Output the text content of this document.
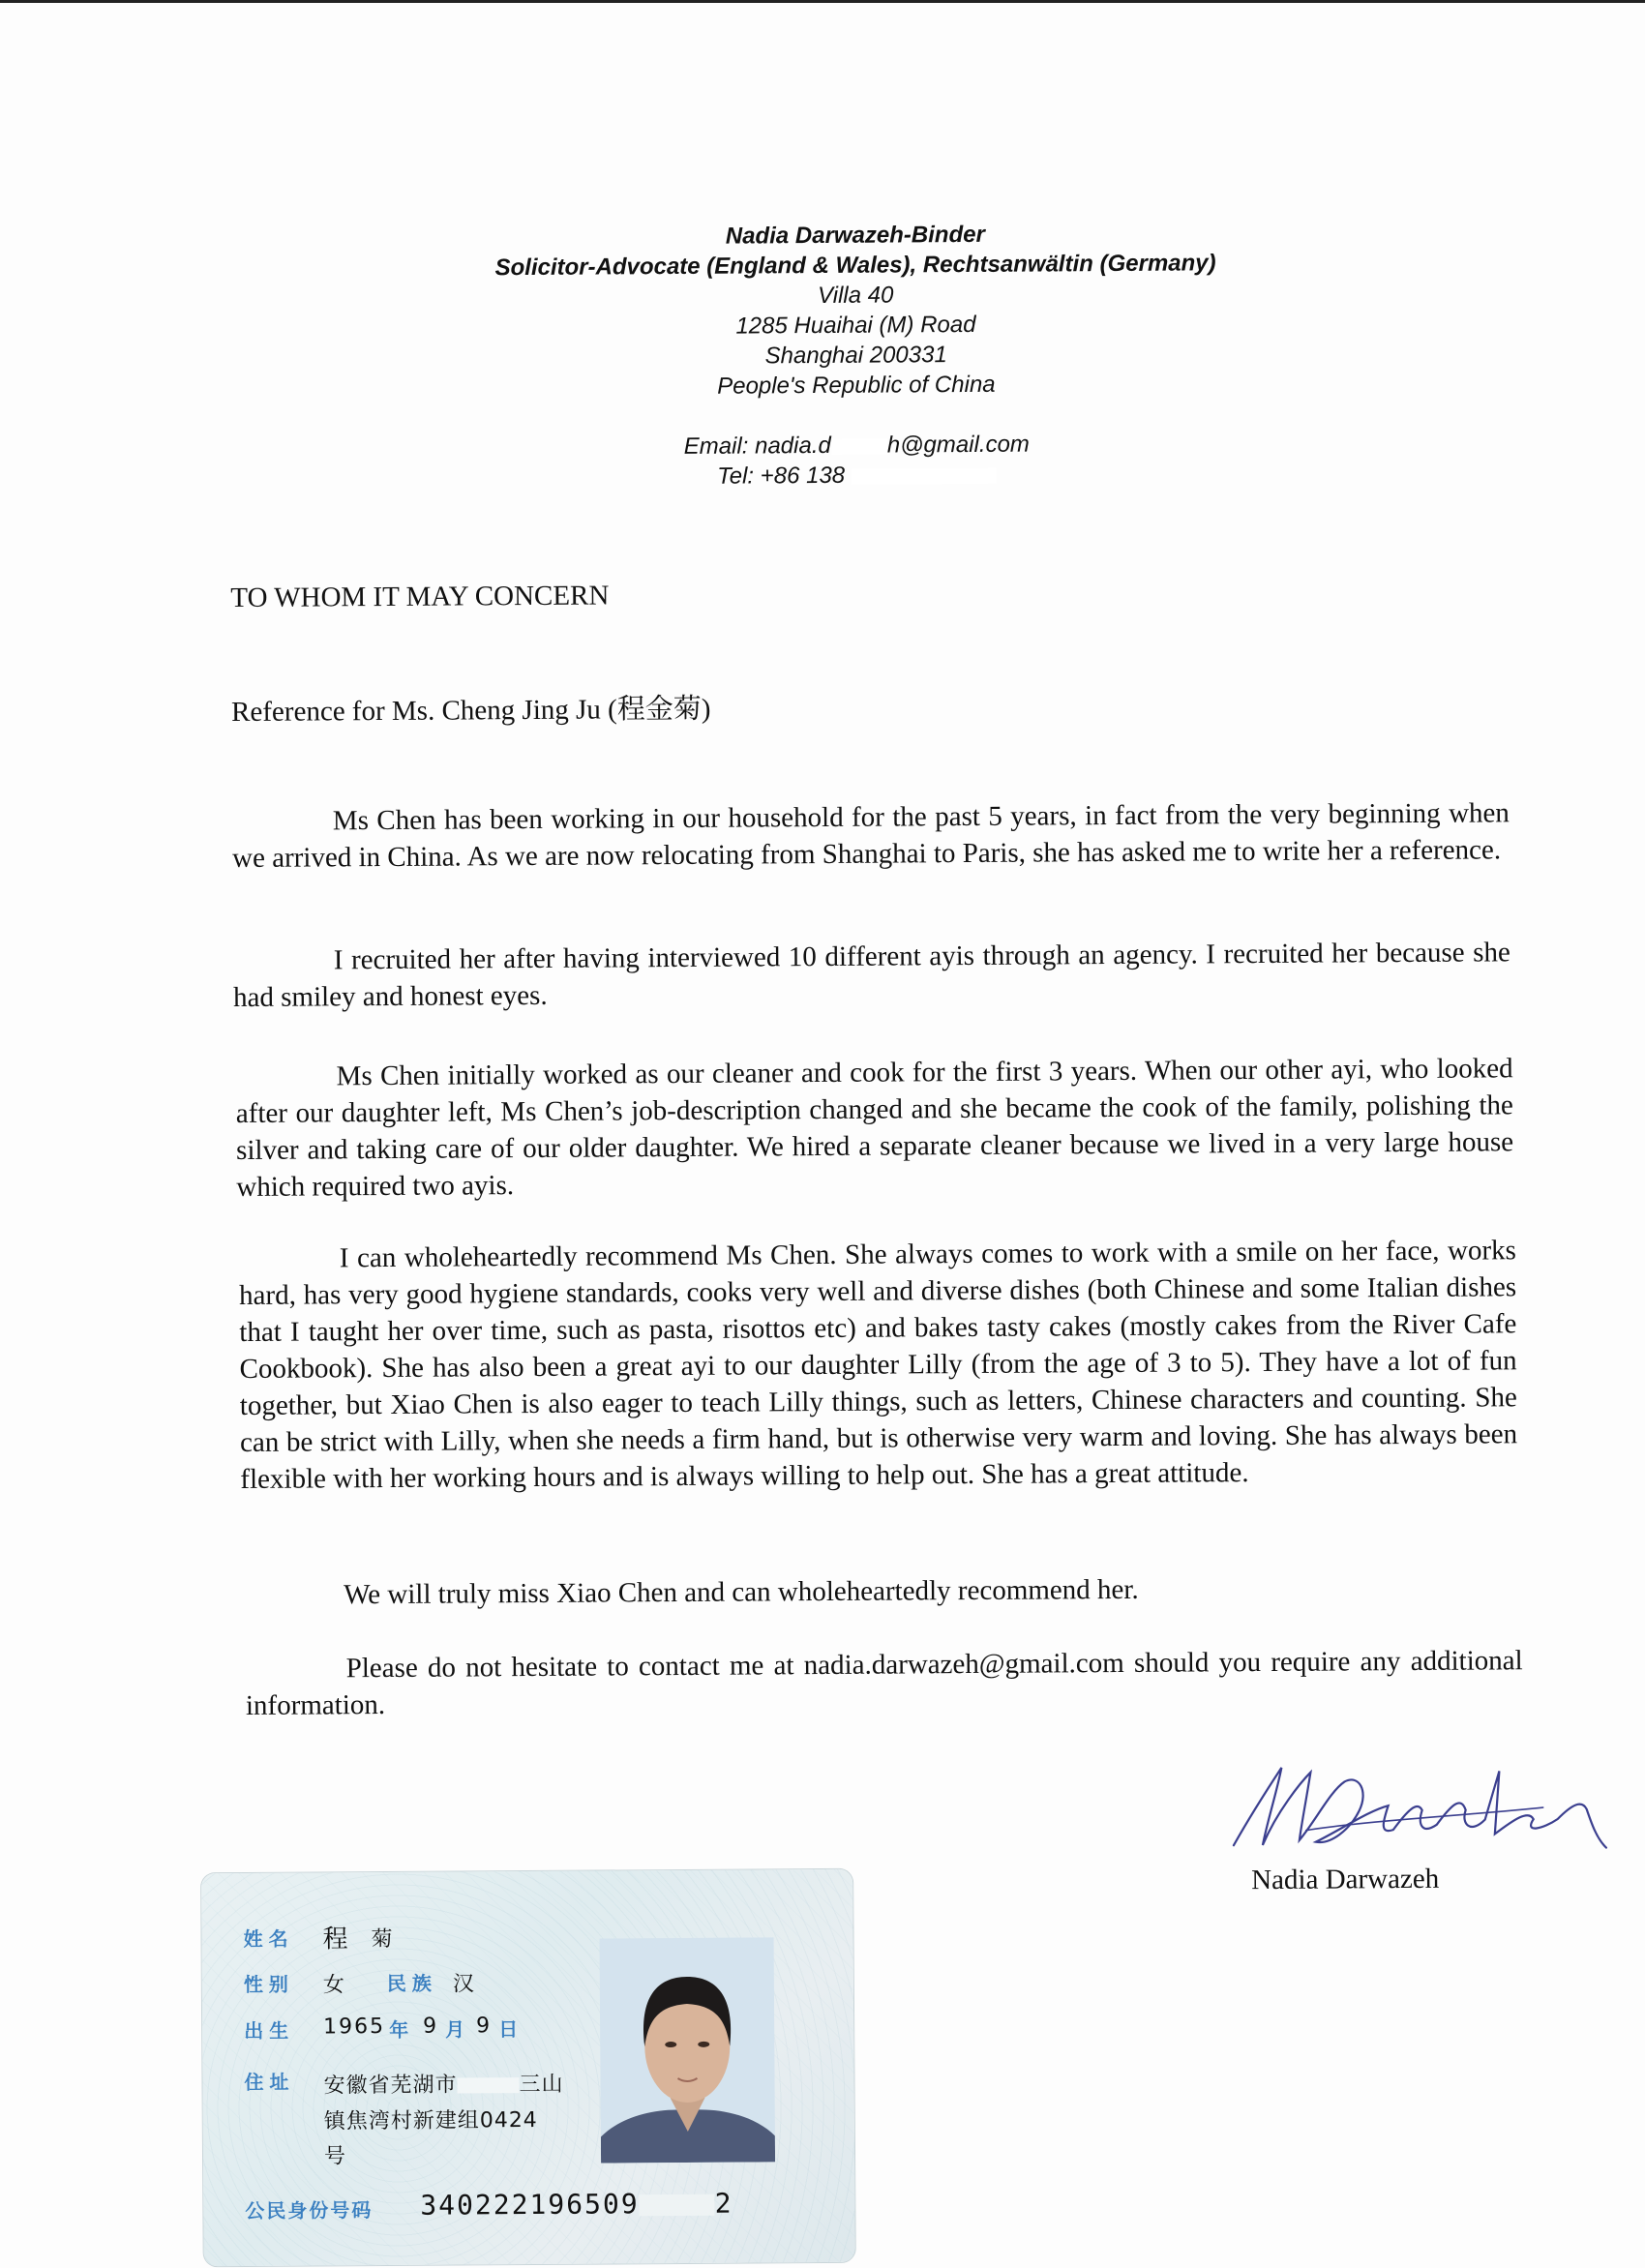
Nadia Darwazeh-Binder
Solicitor-Advocate (England & Wales), Rechtsanwältin (Germany)
Villa 40
1285 Huaihai (M) Road
Shanghai 200331
People's Republic of China
Email: nadia.d h@gmail.com
Tel: +86 138
TO WHOM IT MAY CONCERN
Reference for Ms. Cheng Jing Ju (程金菊)

Ms Chen has been working in our household for the past 5 years, in fact from the very beginning when we arrived in China. As we are now relocating from Shanghai to Paris, she has asked me to write her a reference.

I recruited her after having interviewed 10 different ayis through an agency. I recruited her because she had smiley and honest eyes.

Ms Chen initially worked as our cleaner and cook for the first 3 years. When our other ayi, who looked after our daughter left, Ms Chen’s job-description changed and she became the cook of the family, polishing the silver and taking care of our older daughter. We hired a separate cleaner because we lived in a very large house which required two ayis.

I can wholeheartedly recommend Ms Chen. She always comes to work with a smile on her face, works hard, has very good hygiene standards, cooks very well and diverse dishes (both Chinese and some Italian dishes that I taught her over time, such as pasta, risottos etc) and bakes tasty cakes (mostly cakes from the River Cafe Cookbook). She has also been a great ayi to our daughter Lilly (from the age of 3 to 5). They have a lot of fun together, but Xiao Chen is also eager to teach Lilly things, such as letters, Chinese characters and counting. She can be strict with Lilly, when she needs a firm hand, but is otherwise very warm and loving. She has always been flexible with her working hours and is always willing to help out. She has a great attitude.

We will truly miss Xiao Chen and can wholeheartedly recommend her.

Please do not hesitate to contact me at nadia.darwazeh@gmail.com should you require any additional information.

Nadia Darwazeh
姓名 程 菊
性别 女 民族 汉
出生 1965 年 9 月 9 日
住址 安徽省芜湖市	三山
镇焦湾村新建组0424
号
公民身份号码 340222196509	2
